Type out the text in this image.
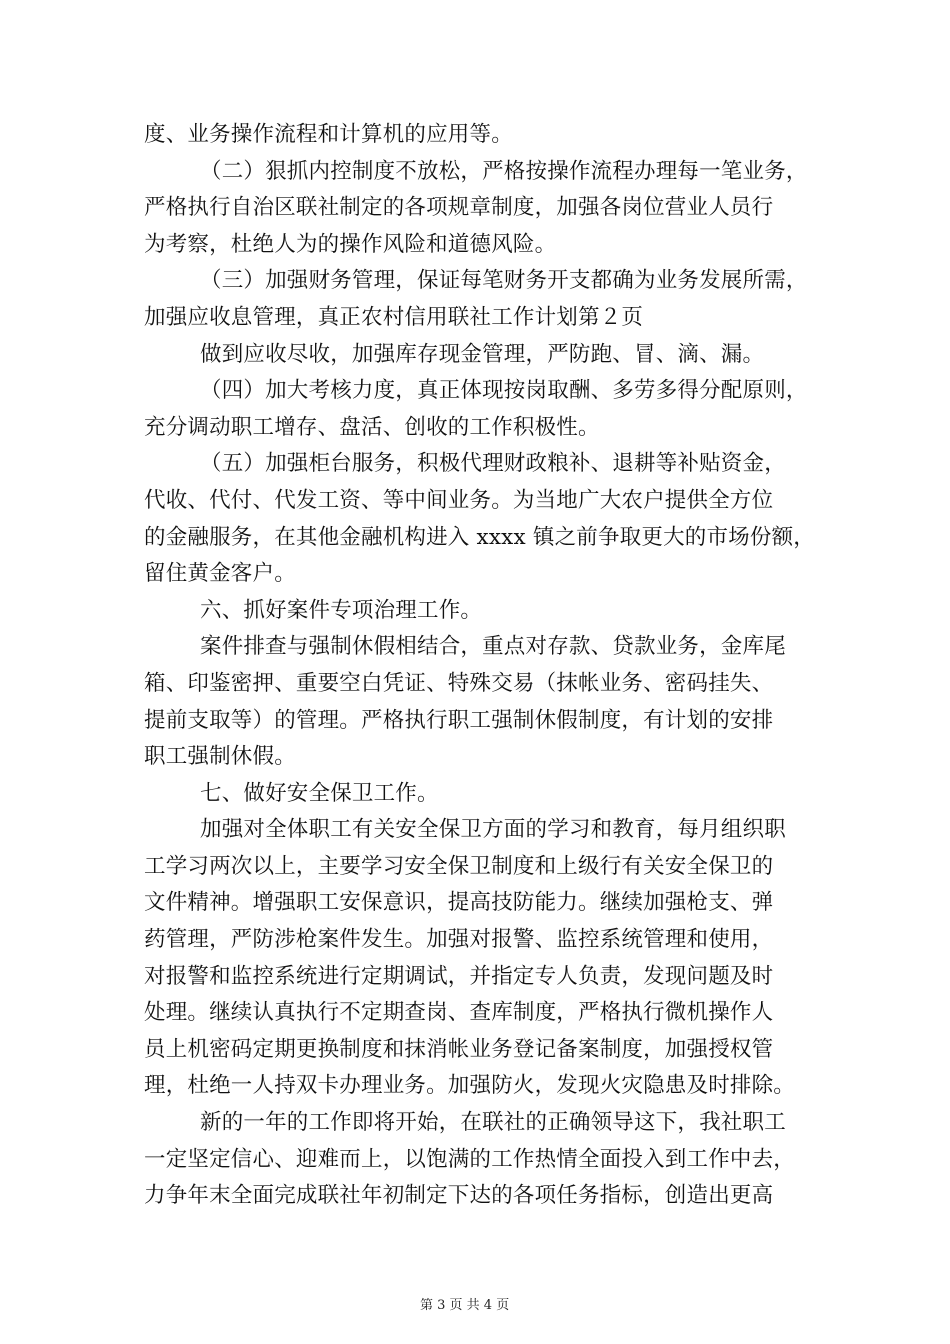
度、业务操作流程和计算机的应用等。
（二）狠抓内控制度不放松，严格按操作流程办理每一笔业务，
严格执行自治区联社制定的各项规章制度，加强各岗位营业人员行
为考察，杜绝人为的操作风险和道德风险。
（三）加强财务管理，保证每笔财务开支都确为业务发展所需，
加强应收息管理，真正农村信用联社工作计划第２页
做到应收尽收，加强库存现金管理，严防跑、冒、滴、漏。
（四）加大考核力度，真正体现按岗取酬、多劳多得分配原则，
充分调动职工增存、盘活、创收的工作积极性。
（五）加强柜台服务，积极代理财政粮补、退耕等补贴资金，
代收、代付、代发工资、等中间业务。为当地广大农户提供全方位
的金融服务，在其他金融机构进入 xxxx 镇之前争取更大的市场份额，
留住黄金客户。
六、抓好案件专项治理工作。
案件排查与强制休假相结合，重点对存款、贷款业务，金库尾
箱、印鉴密押、重要空白凭证、特殊交易（抹帐业务、密码挂失、
提前支取等）的管理。严格执行职工强制休假制度，有计划的安排
职工强制休假。
七、做好安全保卫工作。
加强对全体职工有关安全保卫方面的学习和教育，每月组织职
工学习两次以上，主要学习安全保卫制度和上级行有关安全保卫的
文件精神。增强职工安保意识，提高技防能力。继续加强枪支、弹
药管理，严防涉枪案件发生。加强对报警、监控系统管理和使用，
对报警和监控系统进行定期调试，并指定专人负责，发现问题及时
处理。继续认真执行不定期查岗、查库制度，严格执行微机操作人
员上机密码定期更换制度和抹消帐业务登记备案制度，加强授权管
理，杜绝一人持双卡办理业务。加强防火，发现火灾隐患及时排除。
新的一年的工作即将开始，在联社的正确领导这下，我社职工
一定坚定信心、迎难而上，以饱满的工作热情全面投入到工作中去，
力争年末全面完成联社年初制定下达的各项任务指标，创造出更高
第 3 页 共 4 页
